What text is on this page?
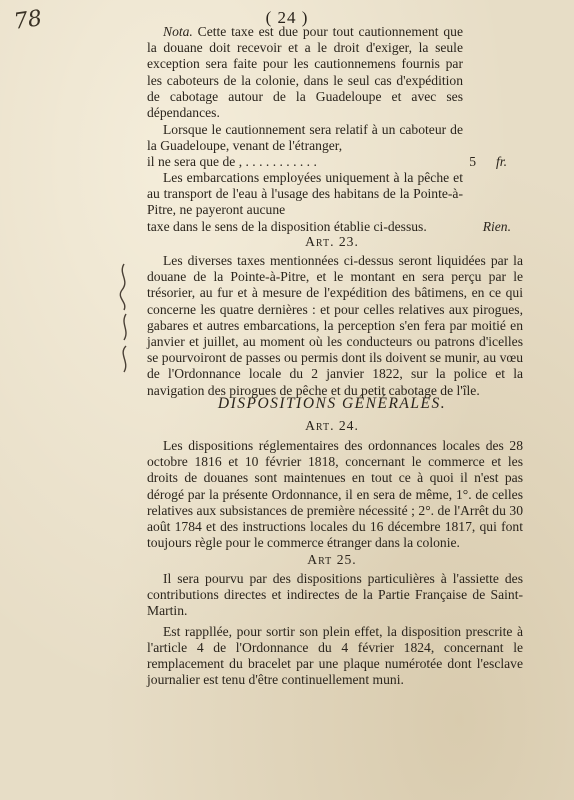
78	( 24 )

Nota. Cette taxe est due pour tout cautionnement que la douane doit recevoir et a le droit d'exiger, la seule exception sera faite pour les cautionnemens fournis par les caboteurs de la colonie, dans le seul cas d'expédition de cabotage autour de la Guadeloupe et avec ses dépendances.

Lorsque le cautionnement sera relatif à un caboteur de la Guadeloupe, venant de l'étranger,

il ne sera que de , . . . . . . . . . . .	5 fr.

Les embarcations employées uniquement à la pêche et au transport de l'eau à l'usage des habitans de la Pointe-à-Pitre, ne payeront aucune

taxe dans le sens de la disposition établie ci-dessus.	Rien.
Art. 23.

Les diverses taxes mentionnées ci-dessus seront liquidées par la douane de la Pointe-à-Pitre, et le montant en sera perçu par le trésorier, au fur et à mesure de l'expédition des bâtimens, en ce qui concerne les quatre dernières : et pour celles relatives aux pirogues, gabares et autres embarcations, la perception s'en fera par moitié en janvier et juillet, au moment où les conducteurs ou patrons d'icelles se pourvoiront de passes ou permis dont ils doivent se munir, au vœu de l'Ordonnance locale du 2 janvier 1822, sur la police et la navigation des pirogues de pêche et du petit cabotage de l'île.

DISPOSITIONS GÉNÉRALES.
Art. 24.

Les dispositions réglementaires des ordonnances locales des 28 octobre 1816 et 10 février 1818, concernant le commerce et les droits de douanes sont maintenues en tout ce à quoi il n'est pas dérogé par la présente Ordonnance, il en sera de même, 1°. de celles relatives aux subsistances de première nécessité ; 2°. de l'Arrêt du 30 août 1784 et des instructions locales du 16 décembre 1817, qui font toujours règle pour le commerce étranger dans la colonie.

Art 25.

Il sera pourvu par des dispositions particulières à l'assiette des contributions directes et indirectes de la Partie Française de Saint-Martin.

Est rappllée, pour sortir son plein effet, la disposition prescrite à l'article 4 de l'Ordonnance du 4 février 1824, concernant le remplacement du bracelet par une plaque numérotée dont l'esclave journalier est tenu d'être continuellement muni.
